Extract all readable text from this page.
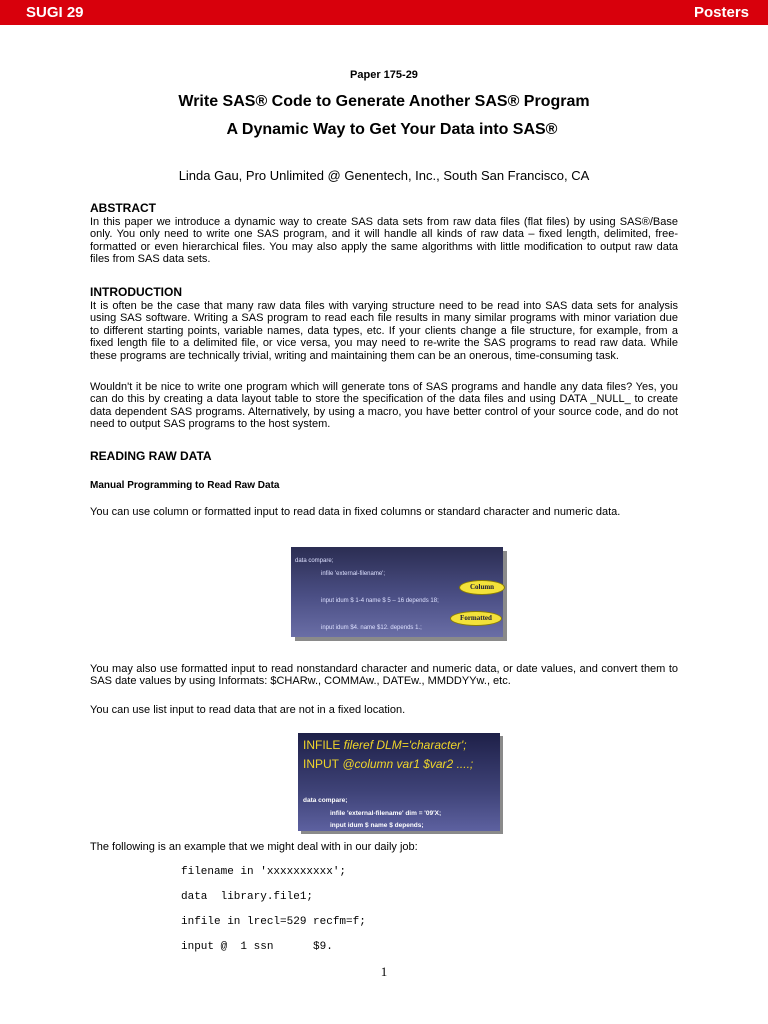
SUGI 29	Posters
Paper 175-29
Write SAS® Code to Generate Another SAS® Program
A Dynamic Way to Get Your Data into SAS®
Linda Gau, Pro Unlimited @ Genentech, Inc., South San Francisco, CA
ABSTRACT

In this paper we introduce a dynamic way to create SAS data sets from raw data files (flat files) by using SAS®/Base only. You only need to write one SAS program, and it will handle all kinds of raw data – fixed length, delimited, free-formatted or even hierarchical files. You may also apply the same algorithms with little modification to output raw data files from SAS data sets.

INTRODUCTION

It is often be the case that many raw data files with varying structure need to be read into SAS data sets for analysis using SAS software. Writing a SAS program to read each file results in many similar programs with minor variation due to different starting points, variable names, data types, etc. If your clients change a file structure, for example, from a fixed length file to a delimited file, or vice versa, you may need to re-write the SAS programs to read raw data. While these programs are technically trivial, writing and maintaining them can be an onerous, time-consuming task.

Wouldn't it be nice to write one program which will generate tons of SAS programs and handle any data files? Yes, you can do this by creating a data layout table to store the specification of the data files and using DATA _NULL_ to create data dependent SAS programs. Alternatively, by using a macro, you have better control of your source code, and do not need to output SAS programs to the host system.

READING RAW DATA
Manual Programming to Read Raw Data

You can use column or formatted input to read data in fixed columns or standard character and numeric data.

data compare;
infile 'external-filename';
input idum $ 1-4 name $ 5 – 16 depends 18;
input idum $4. name $12. depends 1.;
Column
Formatted

You may also use formatted input to read nonstandard character and numeric data, or date values, and convert them to SAS date values by using Informats: $CHARw., COMMAw., DATEw., MMDDYYw., etc.

You can use list input to read data that are not in a fixed location.

INFILE fileref DLM='character';
INPUT @column var1 $var2 ....;
data compare;
infile 'external-filename' dim = '09'X;
input idum $ name $ depends;

The following is an example that we might deal with in our daily job:

filename in 'xxxxxxxxxx';
data  library.file1;
infile in lrecl=529 recfm=f;
input @  1 ssn      $9.
1
